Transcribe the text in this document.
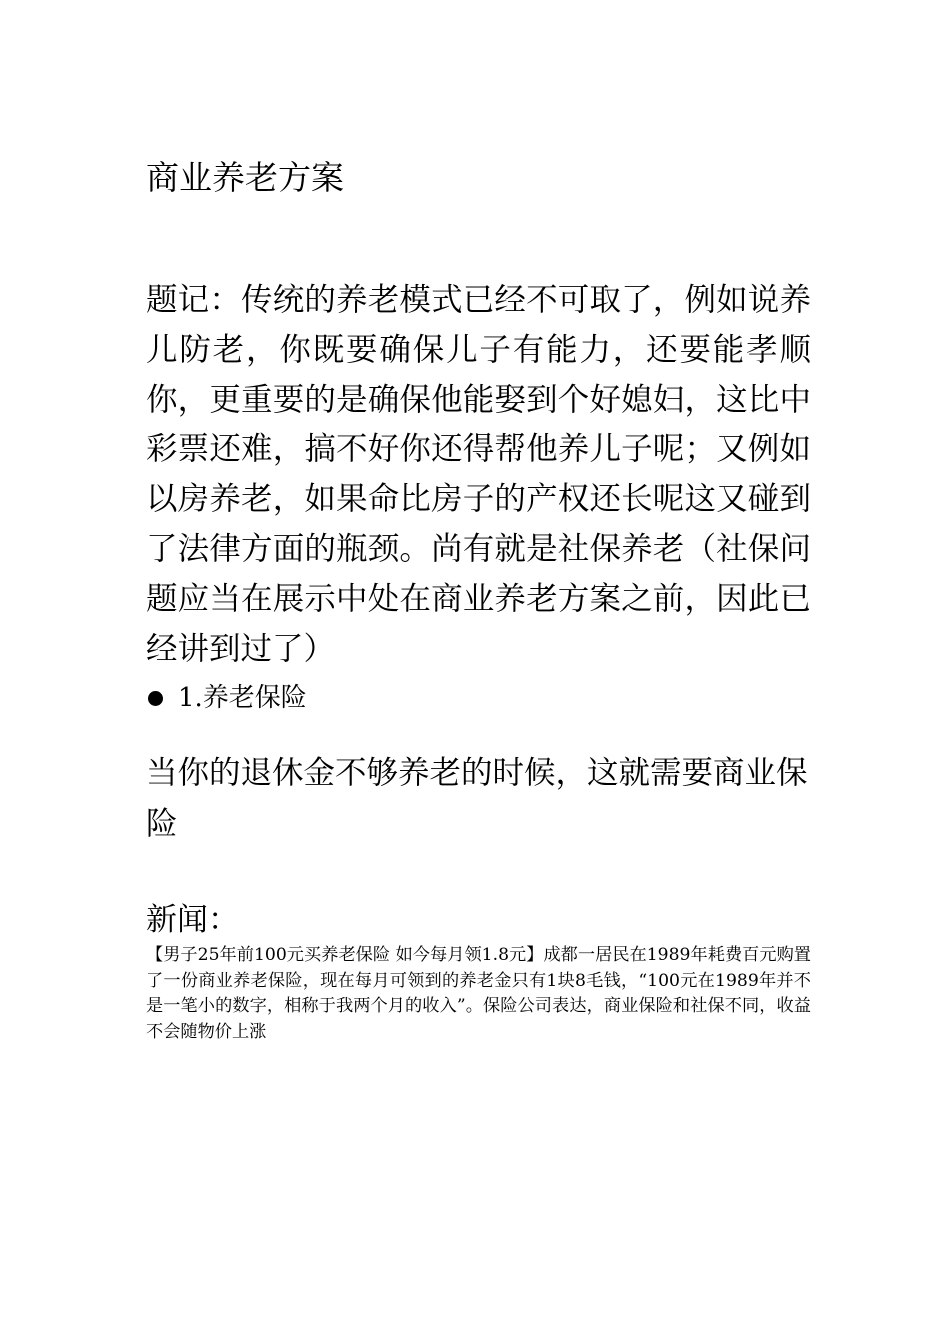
商业养老方案

题记：传统的养老模式已经不可取了，例如说养儿防老，你既要确保儿子有能力，还要能孝顺你，更重要的是确保他能娶到个好媳妇，这比中彩票还难，搞不好你还得帮他养儿子呢；又例如以房养老，如果命比房子的产权还长呢这又碰到了法律方面的瓶颈。尚有就是社保养老（社保问题应当在展示中处在商业养老方案之前，因此已经讲到过了）

1.养老保险

当你的退休金不够养老的时候，这就需要商业保险

新闻：

【男子25年前100元买养老保险 如今每月领1.8元】成都一居民在1989年耗费百元购置了一份商业养老保险，现在每月可领到的养老金只有1块8毛钱，“100元在1989年并不是一笔小的数字，相称于我两个月的收入”。保险公司表达，商业保险和社保不同，收益不会随物价上涨
